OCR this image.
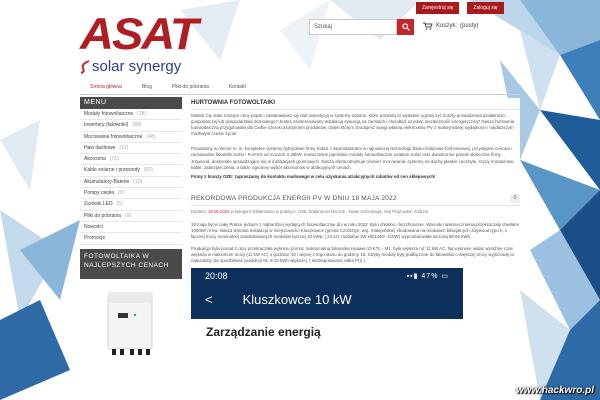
Zarejestruj się	Zaloguj się
ASAT
solar synergy
Szukaj	Koszyk: (pusty)
Strona główna	Blog	Pliki do pobrania	Kontakt
MENU
Moduły fotowoltaiczne (18)
Inwertery (falowniki) (89)
Mocowania fotowoltaiczne (48)
Haki dachowe (12)
Akcesoria (71)
Kable solarne i przewody (52)
Akumulatory-Baterie (10)
Pompy ciepła (0)
Zarówki LED (5)
Pliki do pobrania (0)
Nowości
Promocje
FOTOWOLTAIKA W NAJLEPSZYCH CENACH
HURTOWNIA FOTOWOLTAIKI

Mattek Cię stale rosnące ceny prądu i zastanawiasz się nad inwestycją w systemy solarne, które pozwolą Ci wydatnie ograniczyć koszty prowadzenia działalności gospodarczej lub gospodarstwa domowego? Jesteś zainteresowany instalacją sytuacją na ziemiach i chciałbyś uzyskać niezależność energetyczną? Nasza hurtownia fotowoltaiczna przygotowała dla Ciebie szeroki asortyment produktów, dzięki którym zbudujesz swoją własną elektrownię PV o maksymalnej wydajności i najdłuższym możliwym czasie życia!

Posiadamy w ofercie m. in. kompletne systemy hybrydowe firmy SolaX z akumulatorami w najnowszej technologii litowo-żelazowo-fosforanowej, przystępne cenowo i niezawodne falowniki Sofar i ForeSS od mocach 3-25kW, nowoczesne japońskie moduły fotowoltaiczne Leapton Solar oraz dwustronne panele słoneczne firmy Jolywood, doskonale sprawdzające się w instalacjach gruntowych. Nasza oferta obejmuje również mocowania: systemy na dachy płaskie i pochyłe, szyny montażowe, kable, zabezpieczenia, a także ogromny wybór akcesoriów w atrakcyjnych cenach.

Firmy z branży OZE: zapraszamy do kontaktu mailowego w celu uzyskania atrakcyjnych rabatów od cen sklepowych!

REKORDOWA PRODUKCJA ENERGII PV W DNIU 18 MAJA 2022	0
Dodano: 18-05-2022 w kategorii: Elektrownia w praktyce, OZE, badania techniczne , Nowe technologie, Mój Prąd autor: Andrzej

18 maja był w całej Polsce jednym z najbardziej wydajnych fotowoltaicznie dni w roku 2022. Bylo chłodno i bezchmurnie. Warunki nasłonecznienia przekraczały chwilami 1000W/ m kw. Nasza testowa instalacja w miejscowości Kluszkowce (gmina Czorsztyn, woj. małopolskie) zbudowana na modułach bifacjalnych Jolywood typu n, o łącznej mocy nominalnej zainstalowanych modułów łącznej 10 kWp. ( 24 szt. modułów JW HD144N- 410W) wyprodukowała wczoraj 98,66 kWh.

Produkcja była ponad 2 razy przekraczała wykresu pomoc maksymalną falownika Huawei 10 KTL - M1. była większa niż 11 kW AC. Na wykresie widać wyraźnie czas większa w maksimum mocy (11 kW AC) o godzinie 10 i więcej z tego stanu do godziny 15. Gdyby moduły były podłączone do falownika o większej mocy wyjściowej to należałoby się spodziewać produkcji ok. 8-10 kWh większej. ( ekstrapolowana całka P(t) ).

20:08	▪▪▮ 47% ▭
< Kluszkowce 10 kW
Zarządzanie energią
www.hackwro.pl
